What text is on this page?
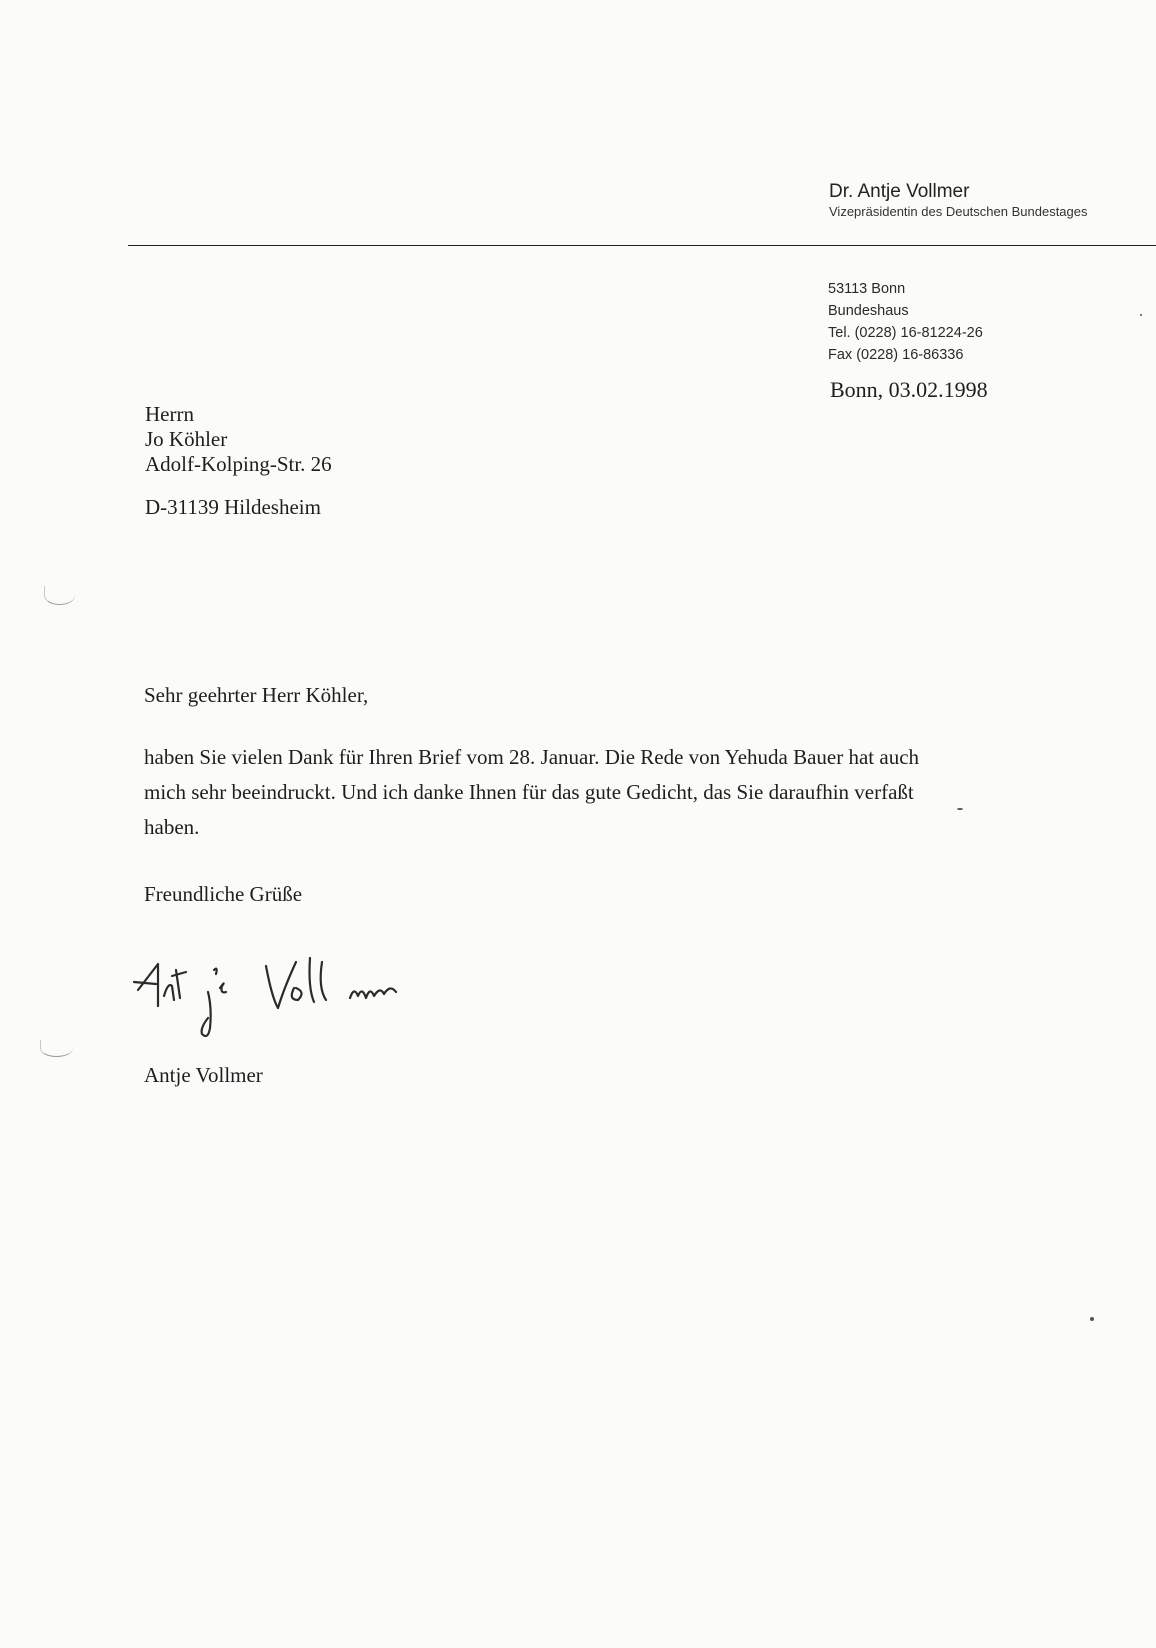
Dr. Antje Vollmer
Vizepräsidentin des Deutschen Bundestages
53113 Bonn
Bundeshaus
Tel. (0228) 16-81224-26
Fax (0228) 16-86336
Bonn, 03.02.1998
Herrn
Jo Köhler
Adolf-Kolping-Str. 26
D-31139 Hildesheim
Sehr geehrter Herr Köhler,
haben Sie vielen Dank für Ihren Brief vom 28. Januar. Die Rede von Yehuda Bauer hat auch
mich sehr beeindruckt. Und ich danke Ihnen für das gute Gedicht, das Sie daraufhin verfaßt
haben.
Freundliche Grüße
Antje Vollmer
